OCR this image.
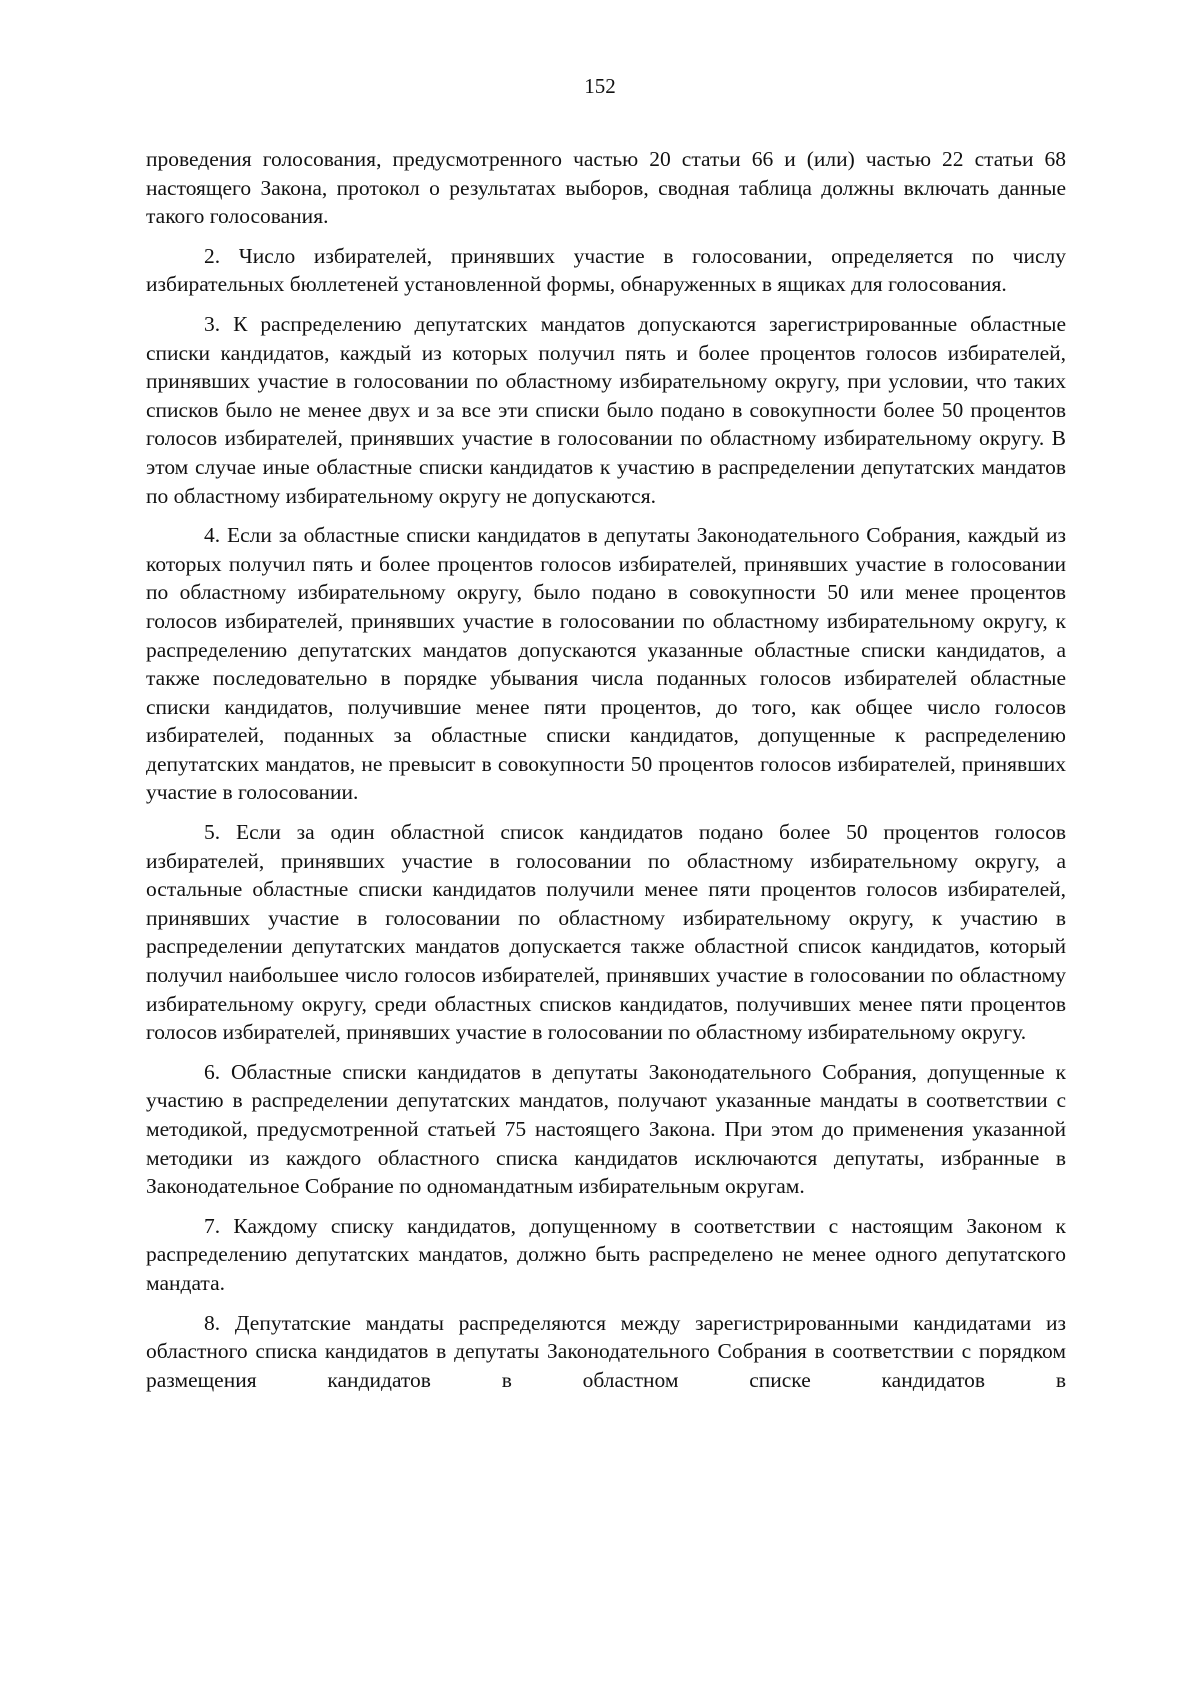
152

проведения голосования, предусмотренного частью 20 статьи 66 и (или) частью 22 статьи 68 настоящего Закона, протокол о результатах выборов, сводная таблица должны включать данные такого голосования.

2. Число избирателей, принявших участие в голосовании, определяется по числу избирательных бюллетеней установленной формы, обнаруженных в ящиках для голосования.

3. К распределению депутатских мандатов допускаются зарегистрированные областные списки кандидатов, каждый из которых получил пять и более процентов голосов избирателей, принявших участие в голосовании по областному избирательному округу, при условии, что таких списков было не менее двух и за все эти списки было подано в совокупности более 50 процентов голосов избирателей, принявших участие в голосовании по областному избирательному округу. В этом случае иные областные списки кандидатов к участию в распределении депутатских мандатов по областному избирательному округу не допускаются.

4. Если за областные списки кандидатов в депутаты Законодательного Собрания, каждый из которых получил пять и более процентов голосов избирателей, принявших участие в голосовании по областному избирательному округу, было подано в совокупности 50 или менее процентов голосов избирателей, принявших участие в голосовании по областному избирательному округу, к распределению депутатских мандатов допускаются указанные областные списки кандидатов, а также последовательно в порядке убывания числа поданных голосов избирателей областные списки кандидатов, получившие менее пяти процентов, до того, как общее число голосов избирателей, поданных за областные списки кандидатов, допущенные к распределению депутатских мандатов, не превысит в совокупности 50 процентов голосов избирателей, принявших участие в голосовании.

5. Если за один областной список кандидатов подано более 50 процентов голосов избирателей, принявших участие в голосовании по областному избирательному округу, а остальные областные списки кандидатов получили менее пяти процентов голосов избирателей, принявших участие в голосовании по областному избирательному округу, к участию в распределении депутатских мандатов допускается также областной список кандидатов, который получил наибольшее число голосов избирателей, принявших участие в голосовании по областному избирательному округу, среди областных списков кандидатов, получивших менее пяти процентов голосов избирателей, принявших участие в голосовании по областному избирательному округу.

6. Областные списки кандидатов в депутаты Законодательного Собрания, допущенные к участию в распределении депутатских мандатов, получают указанные мандаты в соответствии с методикой, предусмотренной статьей 75 настоящего Закона. При этом до применения указанной методики из каждого областного списка кандидатов исключаются депутаты, избранные в Законодательное Собрание по одномандатным избирательным округам.

7. Каждому списку кандидатов, допущенному в соответствии с настоящим Законом к распределению депутатских мандатов, должно быть распределено не менее одного депутатского мандата.

8. Депутатские мандаты распределяются между зарегистрированными кандидатами из областного списка кандидатов в депутаты Законодательного Собрания в соответствии с порядком размещения кандидатов в областном списке кандидатов в
